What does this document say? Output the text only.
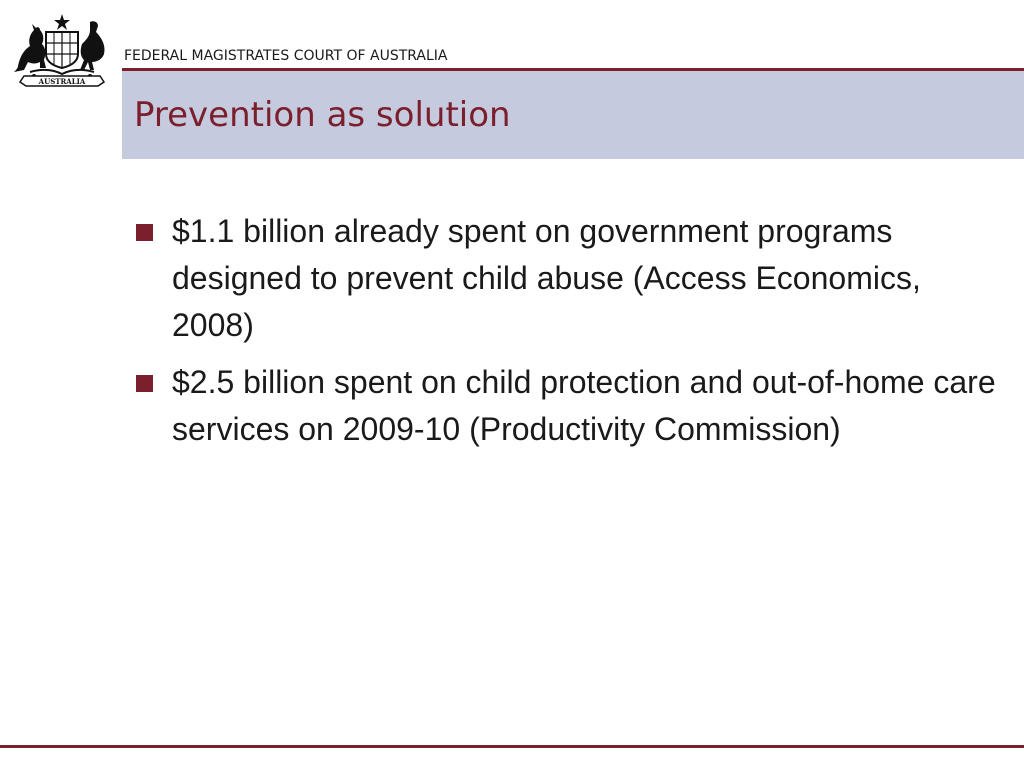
AUSTRALIA
FEDERAL MAGISTRATES COURT OF AUSTRALIA
Prevention as solution
$1.1 billion already spent on government programs designed to prevent child abuse (Access Economics, 2008)
$2.5 billion spent on child protection and out-of-home care services on 2009-10 (Productivity Commission)
